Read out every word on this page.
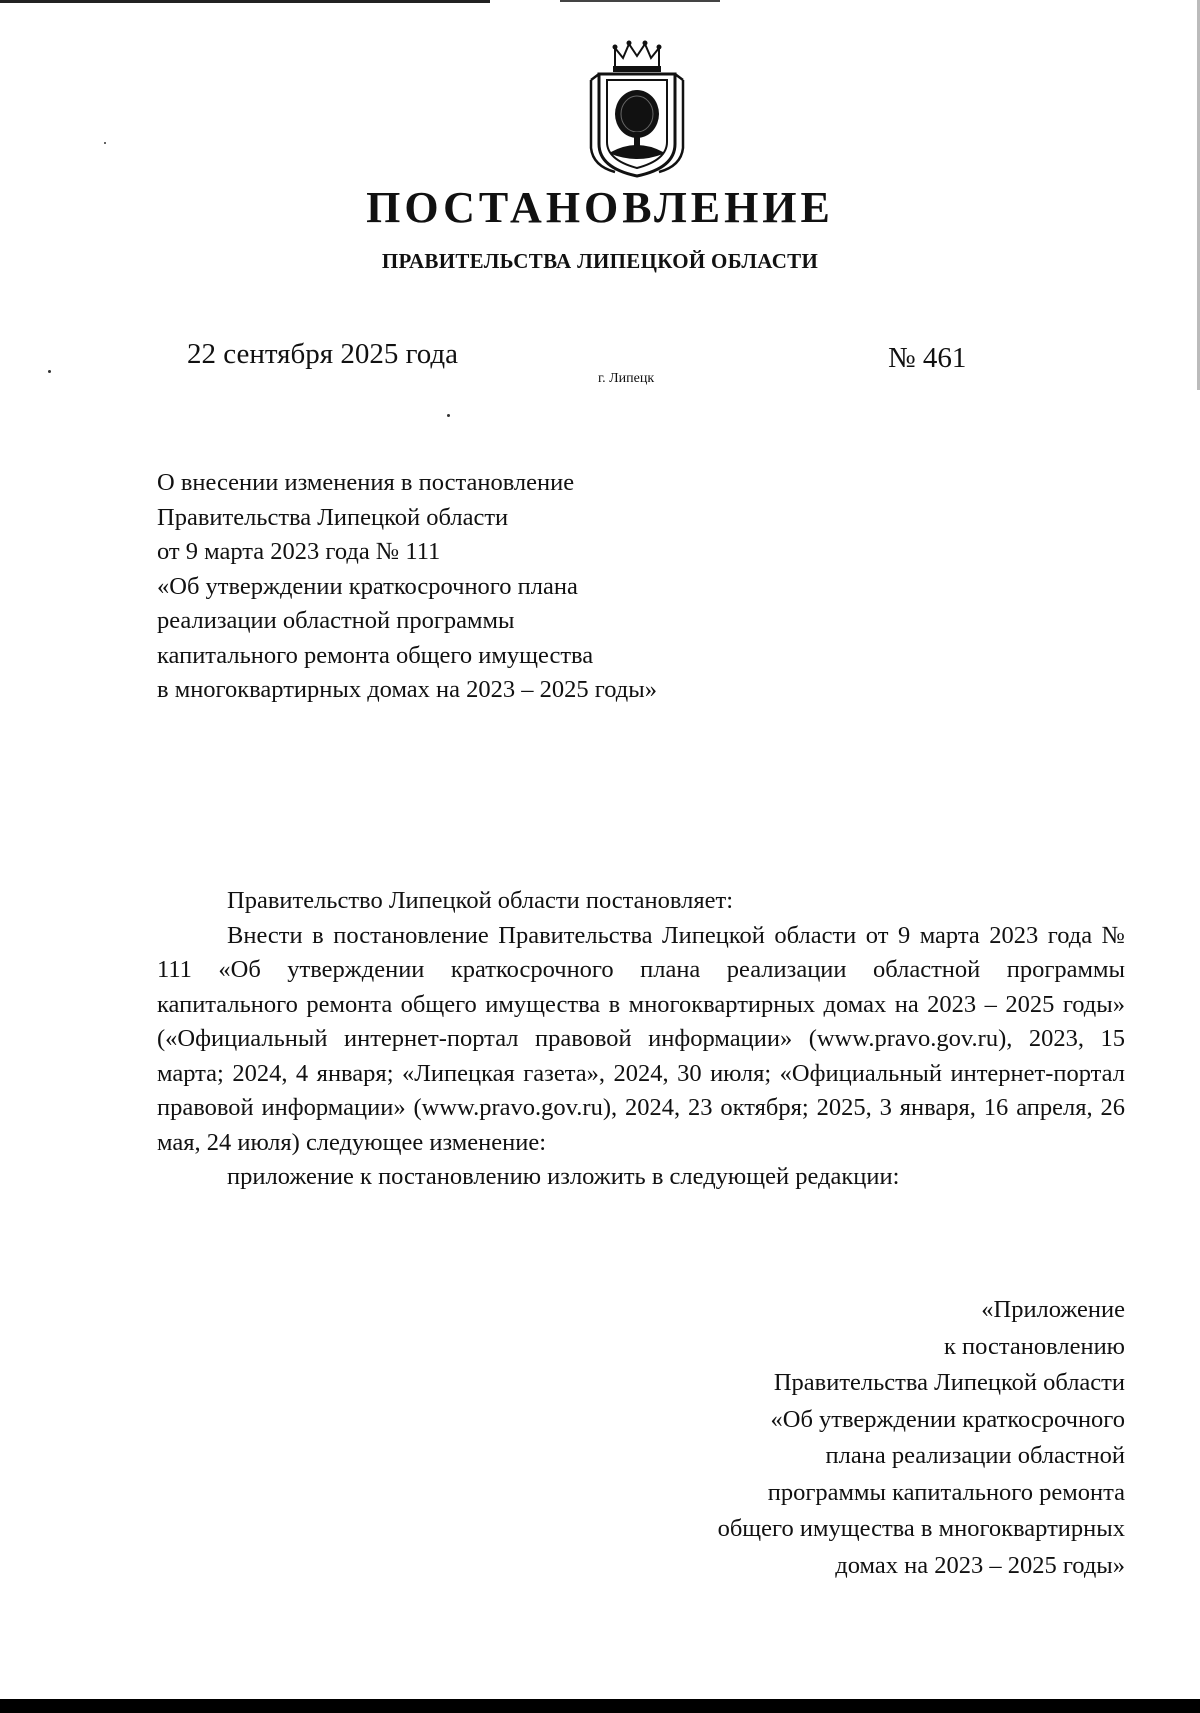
ПОСТАНОВЛЕНИЕ
ПРАВИТЕЛЬСТВА ЛИПЕЦКОЙ ОБЛАСТИ
22 сентября 2025 года
г. Липецк
№ 461
О внесении изменения в постановление
Правительства Липецкой области
от 9 марта 2023 года № 111
«Об утверждении краткосрочного плана
реализации областной программы
капитального ремонта общего имущества
в многоквартирных домах на 2023 – 2025 годы»

Правительство Липецкой области постановляет:

Внести в постановление Правительства Липецкой области от 9 марта 2023 года № 111 «Об утверждении краткосрочного плана реализации областной программы капитального ремонта общего имущества в многоквартирных домах на 2023 – 2025 годы» («Официальный интернет-портал правовой информации» (www.pravo.gov.ru), 2023, 15 марта; 2024, 4 января; «Липецкая газета», 2024, 30 июля; «Официальный интернет-портал правовой информации» (www.pravo.gov.ru), 2024, 23 октября; 2025, 3 января, 16 апреля, 26 мая, 24 июля) следующее изменение:

приложение к постановлению изложить в следующей редакции:

«Приложение
к постановлению
Правительства Липецкой области
«Об утверждении краткосрочного
плана реализации областной
программы капитального ремонта
общего имущества в многоквартирных
домах на 2023 – 2025 годы»
